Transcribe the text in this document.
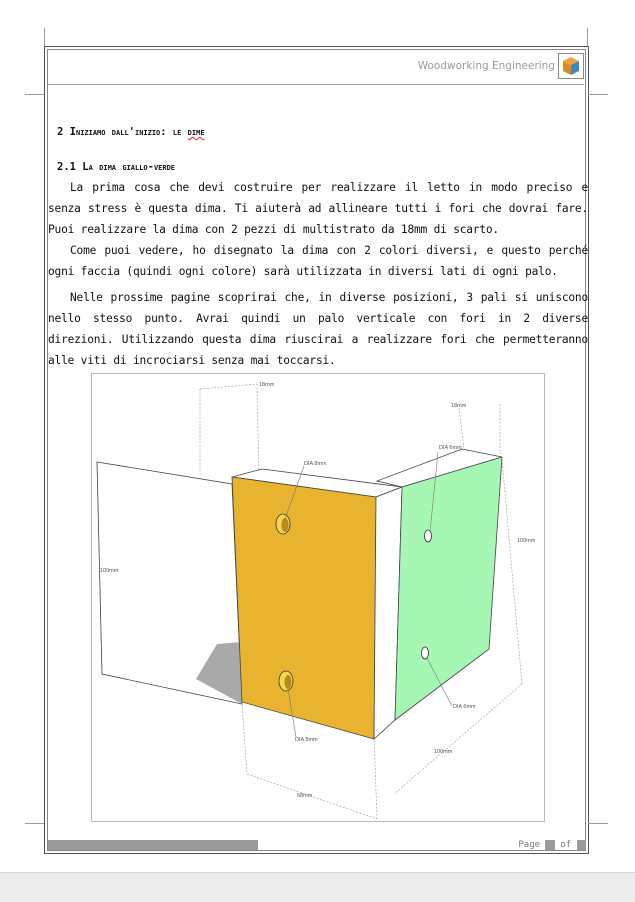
Woodworking Engineering
2 Iniziamo dall'inizio: le dime
2.1 La dima giallo-verde

La prima cosa che devi costruire per realizzare il letto in modo preciso e senza stress è questa dima. Ti aiuterà ad allineare tutti i fori che dovrai fare. Puoi realizzare la dima con 2 pezzi di multistrato da 18mm di scarto.

Come puoi vedere, ho disegnato la dima con 2 colori diversi, e questo perché ogni faccia (quindi ogni colore) sarà utilizzata in diversi lati di ogni palo.

Nelle prossime pagine scoprirai che, in diverse posizioni, 3 pali si uniscono nello stesso punto. Avrai quindi un palo verticale con fori in 2 diverse direzioni. Utilizzando questa dima riuscirai a realizzare fori che permetteranno alle viti di incrociarsi senza mai toccarsi.

18mm
18mm
100mm
100mm
DIA 8mm
DIA 8mm
DIA 6mm
DIA 6mm
68mm
100mm
[Letto a castello.odt - ver. 01 - 1.0]	Page of
